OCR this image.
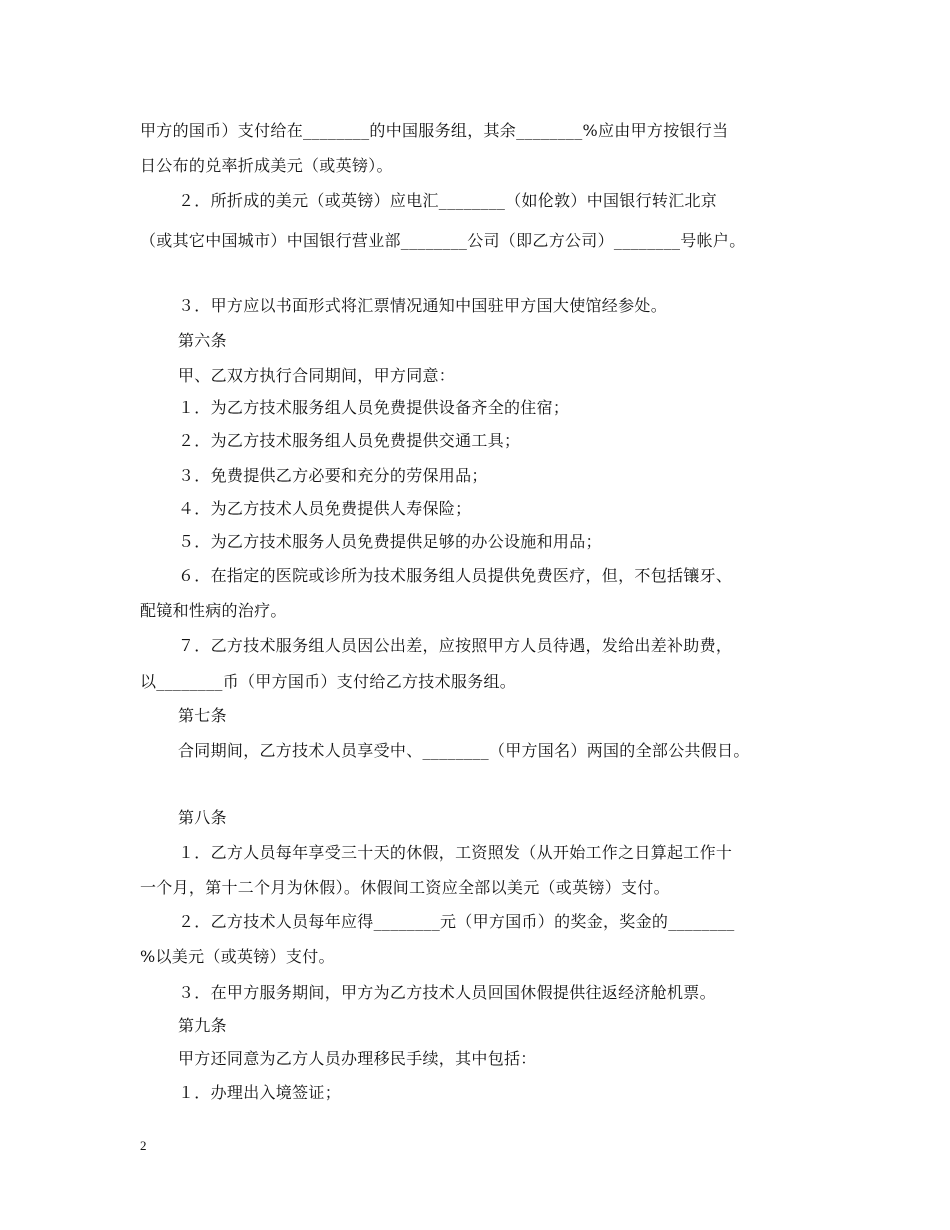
甲方的国币）支付给在________的中国服务组，其余________%应由甲方按银行当
日公布的兑率折成美元（或英镑）。
２．所折成的美元（或英镑）应电汇________（如伦敦）中国银行转汇北京
（或其它中国城市）中国银行营业部________公司（即乙方公司）________号帐户。
３．甲方应以书面形式将汇票情况通知中国驻甲方国大使馆经参处。
第六条
甲、乙双方执行合同期间，甲方同意：
１．为乙方技术服务组人员免费提供设备齐全的住宿；
２．为乙方技术服务组人员免费提供交通工具；
３．免费提供乙方必要和充分的劳保用品；
４．为乙方技术人员免费提供人寿保险；
５．为乙方技术服务人员免费提供足够的办公设施和用品；
６．在指定的医院或诊所为技术服务组人员提供免费医疗，但，不包括镶牙、
配镜和性病的治疗。
７．乙方技术服务组人员因公出差，应按照甲方人员待遇，发给出差补助费，
以________币（甲方国币）支付给乙方技术服务组。
第七条
合同期间，乙方技术人员享受中、________（甲方国名）两国的全部公共假日。
第八条
１．乙方人员每年享受三十天的休假，工资照发（从开始工作之日算起工作十
一个月，第十二个月为休假）。休假间工资应全部以美元（或英镑）支付。
２．乙方技术人员每年应得________元（甲方国币）的奖金，奖金的________
%以美元（或英镑）支付。
３．在甲方服务期间，甲方为乙方技术人员回国休假提供往返经济舱机票。
第九条
甲方还同意为乙方人员办理移民手续，其中包括：
１．办理出入境签证；
2
